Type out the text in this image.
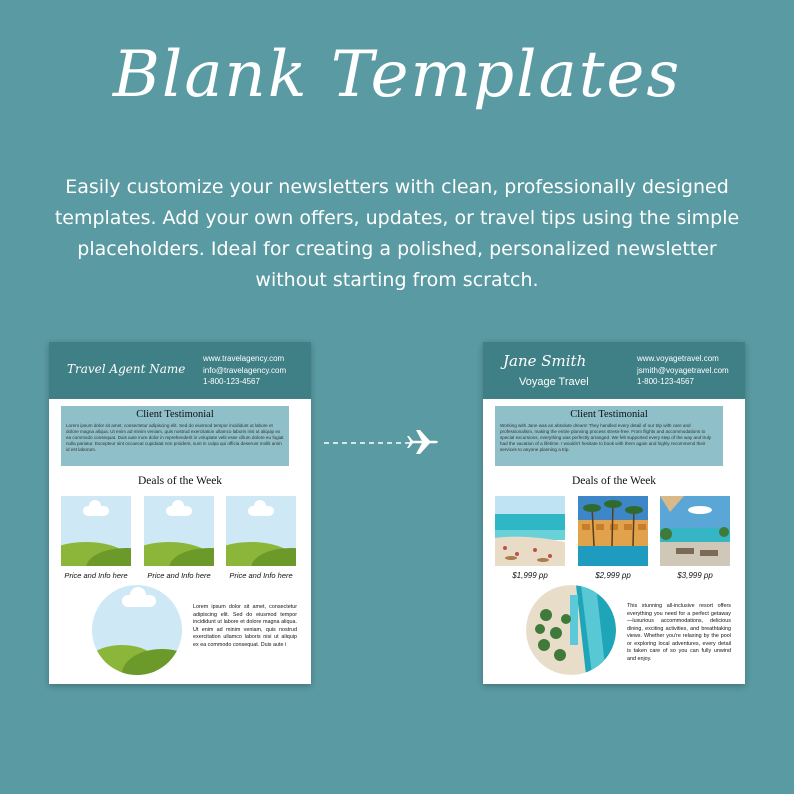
Blank Templates
Easily customize your newsletters with clean, professionally designed templates. Add your own offers, updates, or travel tips using the simple placeholders. Ideal for creating a polished, personalized newsletter without starting from scratch.
Travel Agent Name
www.travelagency.com
info@travelagency.com
1-800-123-4567
Client Testimonial
Lorem ipsum dolor sit amet, consectetur adipiscing elit. Sed do eiusmod tempor incididunt ut labore et dolore magna aliqua. Ut enim ad minim veniam, quis nostrud exercitation ullamco laboris nisi ut aliquip ex ea commodo consequat. Duis aute irure dolor in reprehenderit in voluptate velit esse cillum dolore eu fugiat nulla pariatur. Excepteur sint occaecat cupidatat non proident, sunt in culpa qui officia deserunt mollit anim id est laborum.
Deals of the Week
Price and Info here	Price and Info here	Price and Info here
Lorem ipsum dolor sit amet, consectetur adipiscing elit. Sed do eiusmod tempor incididunt ut labore et dolore magna aliqua. Ut enim ad minim veniam, quis nostrud exercitation ullamco laboris nisi ut aliquip ex ea commodo consequat. Duis aute i
Jane Smith
Voyage Travel
www.voyagetravel.com
jsmith@voyagetravel.com
1-800-123-4567
Client Testimonial
Working with Jane was an absolute dream! They handled every detail of our trip with care and professionalism, making the entire planning process stress-free. From flights and accommodations to special excursions, everything was perfectly arranged. We felt supported every step of the way and truly had the vacation of a lifetime. I wouldn't hesitate to book with them again and highly recommend their services to anyone planning a trip.
Deals of the Week
$1,999 pp	$2,999 pp	$3,999 pp
This stunning all-inclusive resort offers everything you need for a perfect getaway—luxurious accommodations, delicious dining, exciting activities, and breathtaking views. Whether you're relaxing by the pool or exploring local adventures, every detail is taken care of so you can fully unwind and enjoy.
